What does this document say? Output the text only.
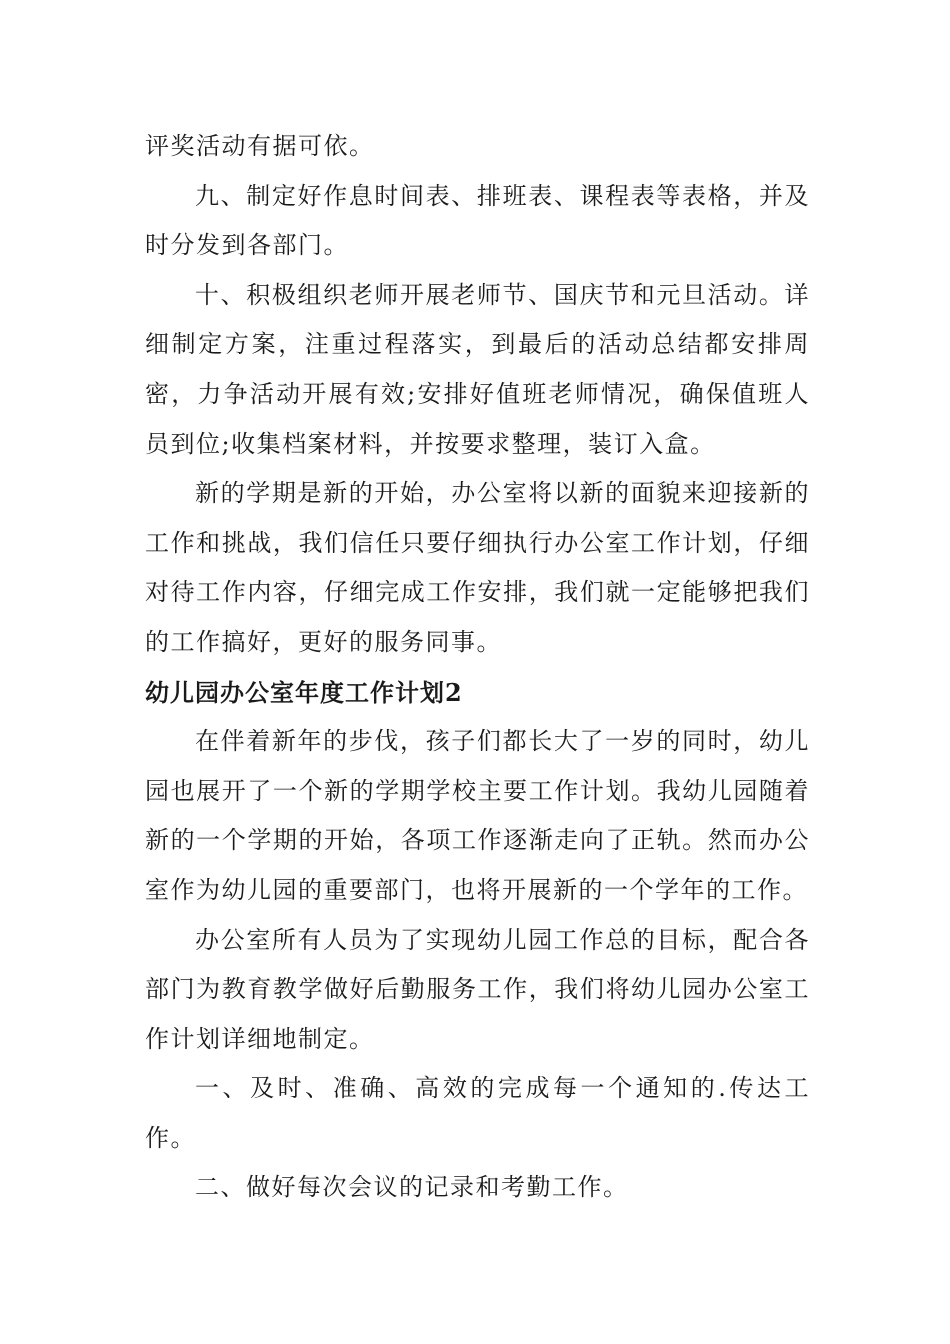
评奖活动有据可依。

九、制定好作息时间表、排班表、课程表等表格，并及时分发到各部门。

十、积极组织老师开展老师节、国庆节和元旦活动。详细制定方案，注重过程落实，到最后的活动总结都安排周密，力争活动开展有效;安排好值班老师情况，确保值班人员到位;收集档案材料，并按要求整理，装订入盒。

新的学期是新的开始，办公室将以新的面貌来迎接新的工作和挑战，我们信任只要仔细执行办公室工作计划，仔细对待工作内容，仔细完成工作安排，我们就一定能够把我们的工作搞好，更好的服务同事。

幼儿园办公室年度工作计划2

在伴着新年的步伐，孩子们都长大了一岁的同时，幼儿园也展开了一个新的学期学校主要工作计划。我幼儿园随着新的一个学期的开始，各项工作逐渐走向了正轨。然而办公室作为幼儿园的重要部门，也将开展新的一个学年的工作。

办公室所有人员为了实现幼儿园工作总的目标，配合各部门为教育教学做好后勤服务工作，我们将幼儿园办公室工作计划详细地制定。

一、及时、准确、高效的完成每一个通知的.传达工作。

二、做好每次会议的记录和考勤工作。
